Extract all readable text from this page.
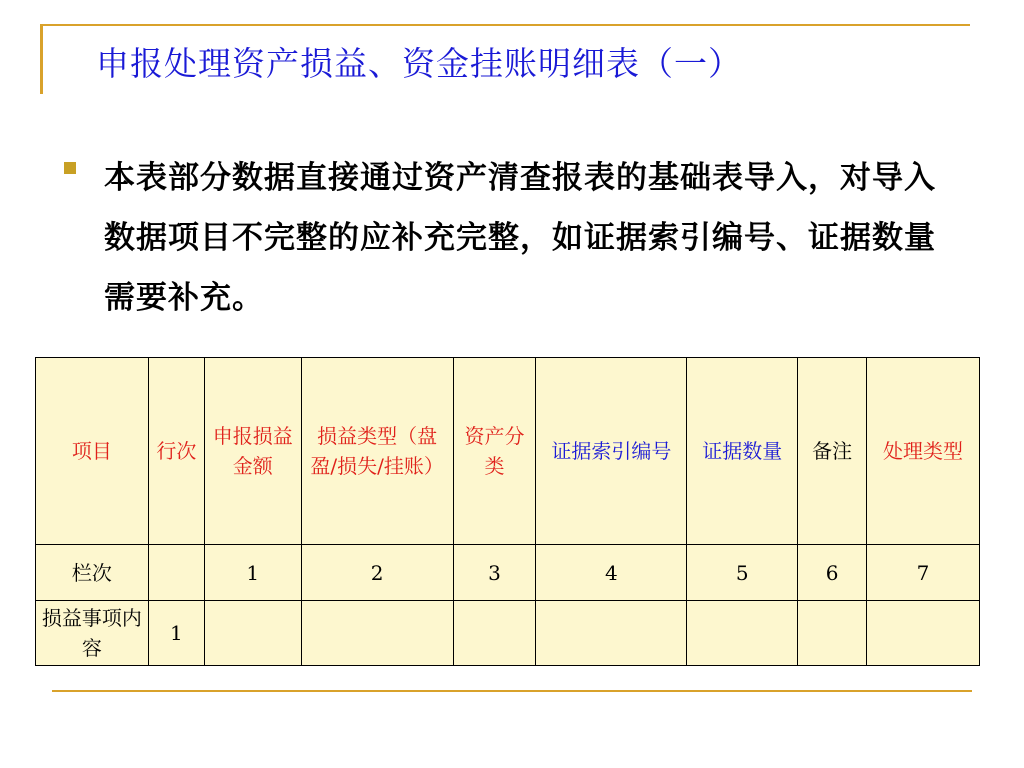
申报处理资产损益、资金挂账明细表（一）
本表部分数据直接通过资产清查报表的基础表导入，对导入数据项目不完整的应补充完整，如证据索引编号、证据数量需要补充。
项目	行次	申报损益金额	损益类型（盘盈/损失/挂账）	资产分类	证据索引编号	证据数量	备注	处理类型
栏次		1	2	3	4	5	6	7
损益事项内容	1							
